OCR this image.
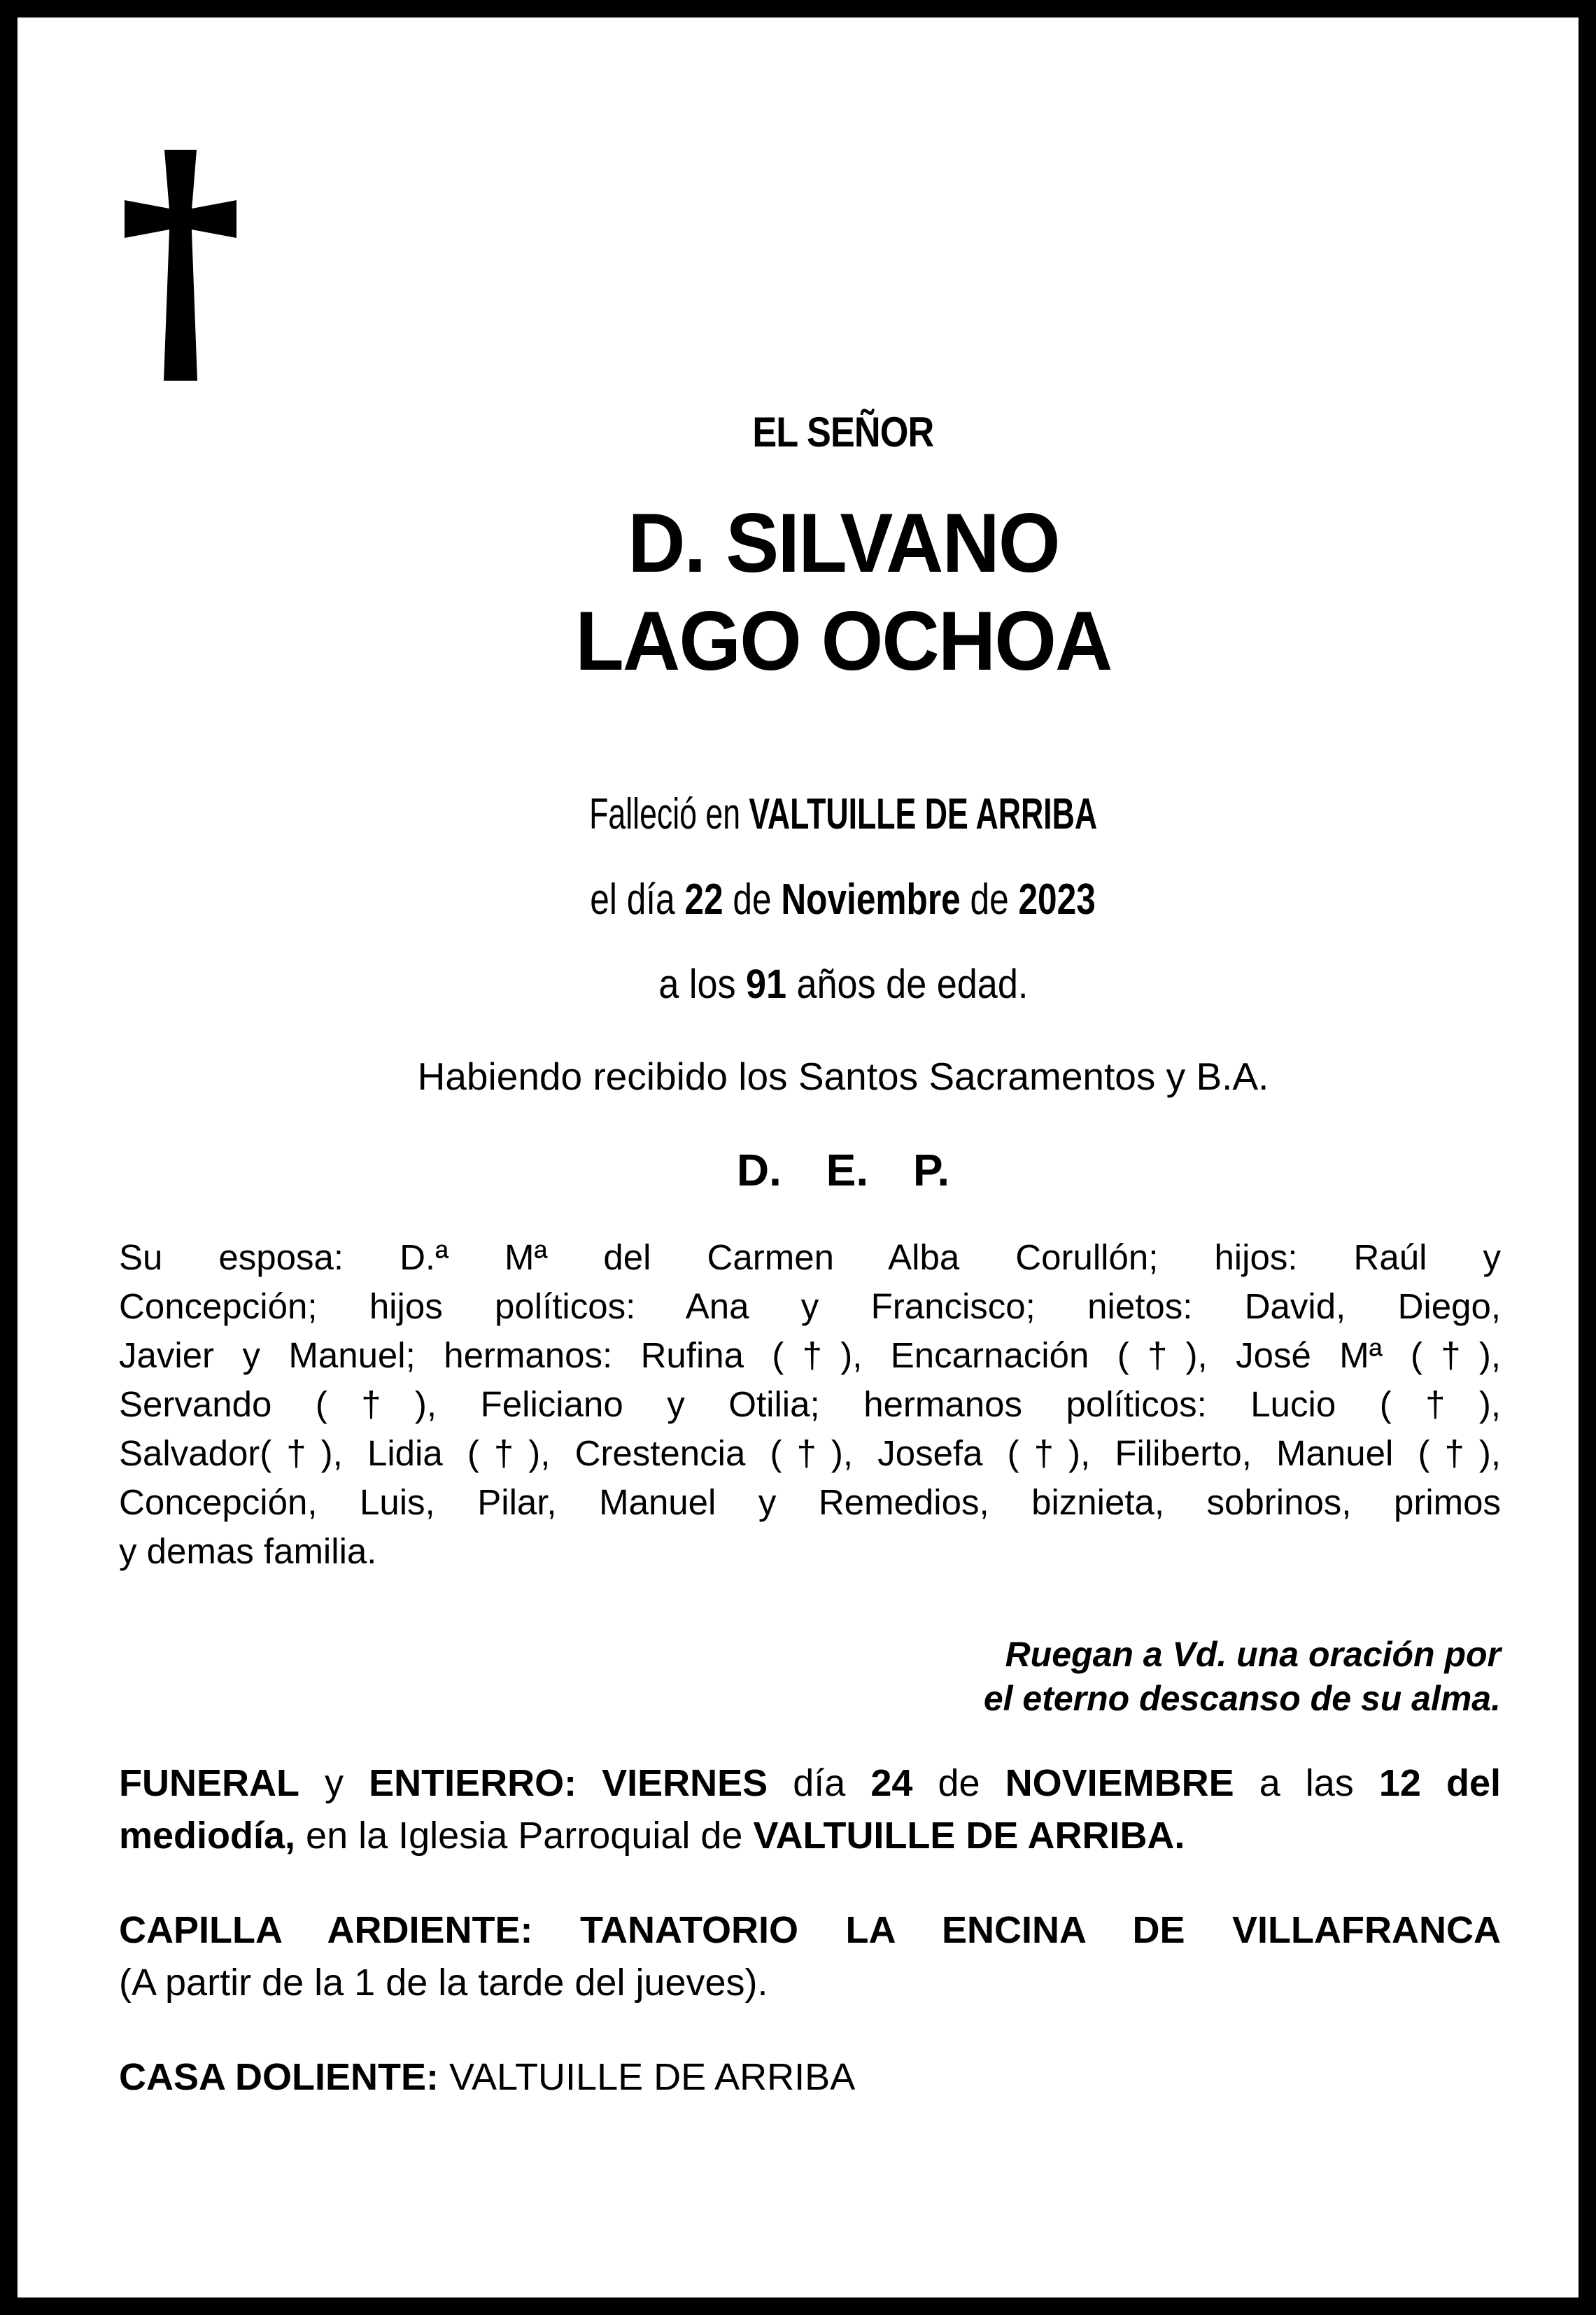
EL SEÑOR
D. SILVANO
LAGO OCHOA
Falleció en VALTUILLE DE ARRIBA
el día 22 de Noviembre de 2023
a los 91 años de edad.
Habiendo recibido los Santos Sacramentos y B.A.
D. E. P.
Su esposa: D.ª Mª del Carmen Alba Corullón; hijos: Raúl y
Concepción; hijos políticos: Ana y Francisco; nietos: David, Diego,
Javier y Manuel; hermanos: Rufina (†), Encarnación (†), José Mª (†),
Servando (†), Feliciano y Otilia; hermanos políticos: Lucio (†),
Salvador(†), Lidia (†), Crestencia (†), Josefa (†), Filiberto, Manuel (†),
Concepción, Luis, Pilar, Manuel y Remedios, biznieta, sobrinos, primos
y demas familia.
Ruegan a Vd. una oración por
el eterno descanso de su alma.
FUNERAL y ENTIERRO: VIERNES día 24 de NOVIEMBRE a las 12 del
mediodía, en la Iglesia Parroquial de VALTUILLE DE ARRIBA.
CAPILLA ARDIENTE: TANATORIO LA ENCINA DE VILLAFRANCA
(A partir de la 1 de la tarde del jueves).
CASA DOLIENTE: VALTUILLE DE ARRIBA
